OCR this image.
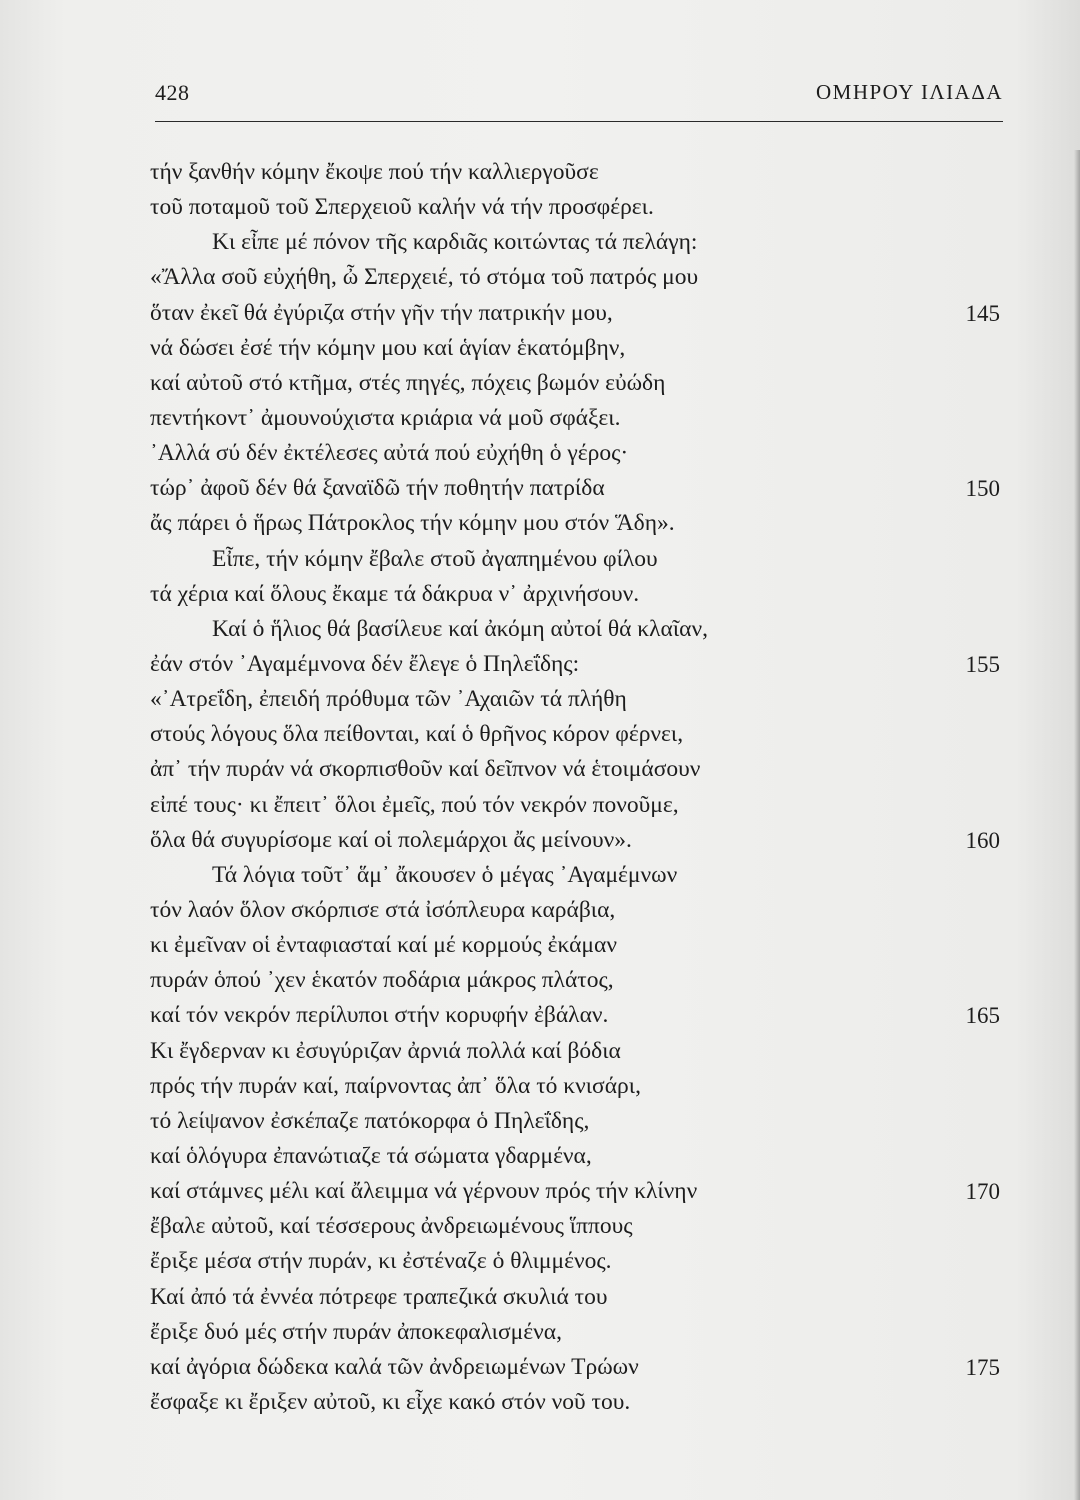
428	ΟΜΗΡΟΥ ΙΛΙΑΔΑ
τήν ξανθήν κόμην ἔκοψε πού τήν καλλιεργοῦσε
τοῦ ποταμοῦ τοῦ Σπερχειοῦ καλήν νά τήν προσφέρει.
Κι εἶπε μέ πόνον τῆς καρδιᾶς κοιτώντας τά πελάγη:
«Ἄλλα σοῦ εὐχήθη, ὦ Σπερχειέ, τό στόμα τοῦ πατρός μου
ὅταν ἐκεῖ θά ἐγύριζα στήν γῆν τήν πατρικήν μου,	145
νά δώσει ἐσέ τήν κόμην μου καί ἁγίαν ἑκατόμβην,
καί αὐτοῦ στό κτῆμα, στές πηγές, πόχεις βωμόν εὐώδη
πεντήκοντ᾿ ἀμουνούχιστα κριάρια νά μοῦ σφάξει.
᾿Αλλά σύ δέν ἐκτέλεσες αὐτά πού εὐχήθη ὁ γέρος·
τώρ᾿ ἀφοῦ δέν θά ξαναϊδῶ τήν ποθητήν πατρίδα	150
ἄς πάρει ὁ ἥρως Πάτροκλος τήν κόμην μου στόν Ἅδη».
Εἶπε, τήν κόμην ἔβαλε στοῦ ἀγαπημένου φίλου
τά χέρια καί ὅλους ἔκαμε τά δάκρυα ν᾿ ἀρχινήσουν.
Καί ὁ ἥλιος θά βασίλευε καί ἀκόμη αὐτοί θά κλαῖαν,
ἐάν στόν ᾿Αγαμέμνονα δέν ἔλεγε ὁ Πηλεΐδης:	155
«᾿Ατρεΐδη, ἐπειδή πρόθυμα τῶν ᾿Αχαιῶν τά πλήθη
στούς λόγους ὅλα πείθονται, καί ὁ θρῆνος κόρον φέρνει,
ἀπ᾿ τήν πυράν νά σκορπισθοῦν καί δεῖπνον νά ἑτοιμάσουν
εἰπέ τους· κι ἔπειτ᾿ ὅλοι ἐμεῖς, πού τόν νεκρόν πονοῦμε,
ὅλα θά συγυρίσομε καί οἱ πολεμάρχοι ἄς μείνουν».	160
Τά λόγια τοῦτ᾿ ἅμ᾿ ἄκουσεν ὁ μέγας ᾿Αγαμέμνων
τόν λαόν ὅλον σκόρπισε στά ἰσόπλευρα καράβια,
κι ἐμεῖναν οἱ ἐνταφιασταί καί μέ κορμούς ἐκάμαν
πυράν ὁπού ᾿χεν ἑκατόν ποδάρια μάκρος πλάτος,
καί τόν νεκρόν περίλυποι στήν κορυφήν ἐβάλαν.	165
Κι ἔγδερναν κι ἐσυγύριζαν ἀρνιά πολλά καί βόδια
πρός τήν πυράν καί, παίρνοντας ἀπ᾿ ὅλα τό κνισάρι,
τό λείψανον ἐσκέπαζε πατόκορφα ὁ Πηλεΐδης,
καί ὁλόγυρα ἐπανώτιαζε τά σώματα γδαρμένα,
καί στάμνες μέλι καί ἄλειμμα νά γέρνουν πρός τήν κλίνην	170
ἔβαλε αὐτοῦ, καί τέσσερους ἀνδρειωμένους ἵππους
ἔριξε μέσα στήν πυράν, κι ἐστέναζε ὁ θλιμμένος.
Καί ἀπό τά ἐννέα πότρεφε τραπεζικά σκυλιά του
ἔριξε δυό μές στήν πυράν ἀποκεφαλισμένα,
καί ἀγόρια δώδεκα καλά τῶν ἀνδρειωμένων Τρώων	175
ἔσφαξε κι ἔριξεν αὐτοῦ, κι εἶχε κακό στόν νοῦ του.
